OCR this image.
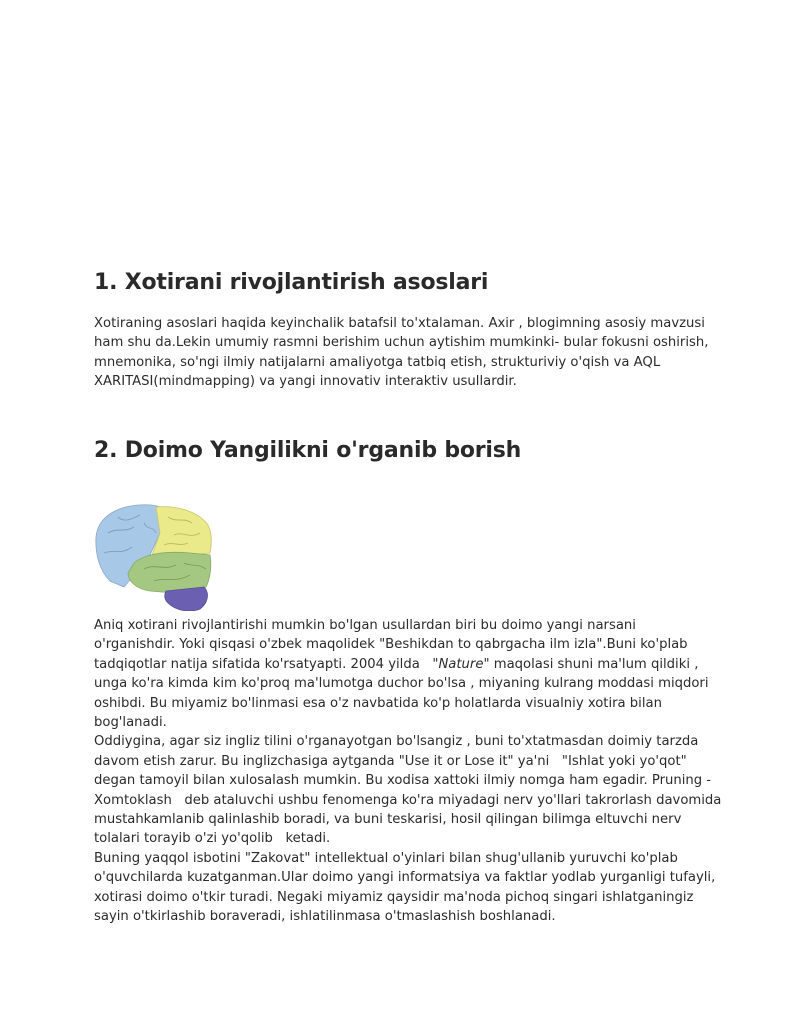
1. Xotirani rivojlantirish asoslari
Xotiraning asoslari haqida keyinchalik batafsil to'xtalaman. Axir , blogimning asosiy mavzusi
ham shu da.Lekin umumiy rasmni berishim uchun aytishim mumkinki- bular fokusni oshirish,
mnemonika, so'ngi ilmiy natijalarni amaliyotga tatbiq etish, strukturiviy o'qish va AQL
XARITASI(mindmapping) va yangi innovativ interaktiv usullardir.
2. Doimo Yangilikni o'rganib borish
Aniq xotirani rivojlantirishi mumkin bo'lgan usullardan biri bu doimo yangi narsani
o'rganishdir. Yoki qisqasi o'zbek maqolidek "Beshikdan to qabrgacha ilm izla".Buni ko'plab
tadqiqotlar natija sifatida ko'rsatyapti. 2004 yilda   "Nature" maqolasi shuni ma'lum qildiki ,
unga ko'ra kimda kim ko'proq ma'lumotga duchor bo'lsa , miyaning kulrang moddasi miqdori
oshibdi. Bu miyamiz bo'linmasi esa o'z navbatida ko'p holatlarda visualniy xotira bilan
bog'lanadi.
Oddiygina, agar siz ingliz tilini o'rganayotgan bo'lsangiz , buni to'xtatmasdan doimiy tarzda
davom etish zarur. Bu inglizchasiga aytganda "Use it or Lose it" ya'ni   "Ishlat yoki yo'qot"
degan tamoyil bilan xulosalash mumkin. Bu xodisa xattoki ilmiy nomga ham egadir. Pruning -
Xomtoklash   deb ataluvchi ushbu fenomenga ko'ra miyadagi nerv yo'llari takrorlash davomida
mustahkamlanib qalinlashib boradi, va buni teskarisi, hosil qilingan bilimga eltuvchi nerv
tolalari torayib o'zi yo'qolib   ketadi.
Buning yaqqol isbotini "Zakovat" intellektual o'yinlari bilan shug'ullanib yuruvchi ko'plab
o'quvchilarda kuzatganman.Ular doimo yangi informatsiya va faktlar yodlab yurganligi tufayli,
xotirasi doimo o'tkir turadi. Negaki miyamiz qaysidir ma'noda pichoq singari ishlatganingiz
sayin o'tkirlashib boraveradi, ishlatilinmasa o'tmaslashish boshlanadi.
